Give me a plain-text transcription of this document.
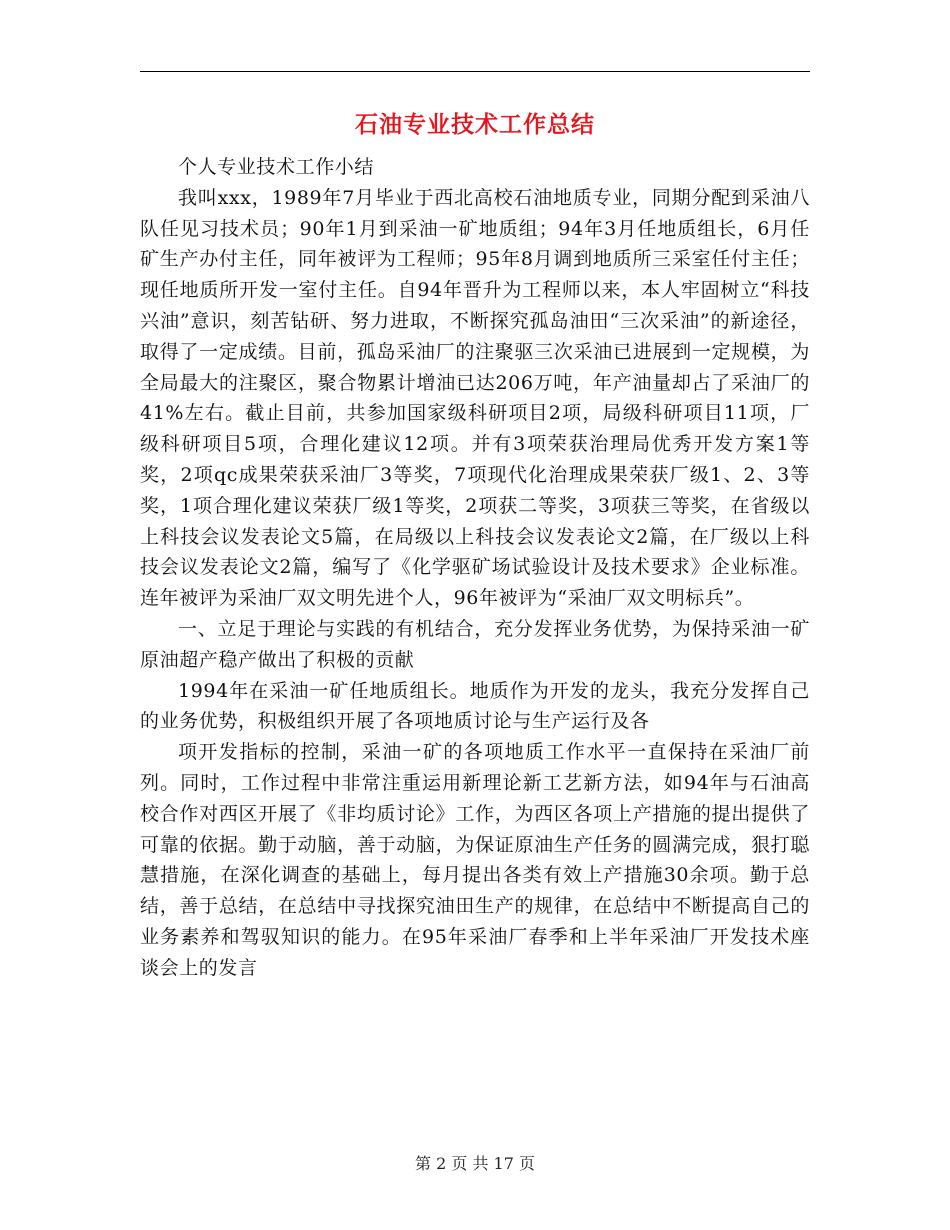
石油专业技术工作总结

个人专业技术工作小结

我叫xxx，1989年7月毕业于西北高校石油地质专业，同期分配到采油八队任见习技术员；90年1月到采油一矿地质组；94年3月任地质组长，6月任矿生产办付主任，同年被评为工程师；95年8月调到地质所三采室任付主任；现任地质所开发一室付主任。自94年晋升为工程师以来，本人牢固树立“科技兴油”意识，刻苦钻研、努力进取，不断探究孤岛油田“三次采油”的新途径，取得了一定成绩。目前，孤岛采油厂的注聚驱三次采油已进展到一定规模，为全局最大的注聚区，聚合物累计增油已达206万吨，年产油量却占了采油厂的41%左右。截止目前，共参加国家级科研项目2项，局级科研项目11项，厂级科研项目5项，合理化建议12项。并有3项荣获治理局优秀开发方案1等奖，2项qc成果荣获采油厂3等奖，7项现代化治理成果荣获厂级1、2、3等奖，1项合理化建议荣获厂级1等奖，2项获二等奖，3项获三等奖，在省级以上科技会议发表论文5篇，在局级以上科技会议发表论文2篇，在厂级以上科技会议发表论文2篇，编写了《化学驱矿场试验设计及技术要求》企业标准。连年被评为采油厂双文明先进个人，96年被评为“采油厂双文明标兵”。

一、立足于理论与实践的有机结合，充分发挥业务优势，为保持采油一矿原油超产稳产做出了积极的贡献

1994年在采油一矿任地质组长。地质作为开发的龙头，我充分发挥自己的业务优势，积极组织开展了各项地质讨论与生产运行及各

项开发指标的控制，采油一矿的各项地质工作水平一直保持在采油厂前列。同时，工作过程中非常注重运用新理论新工艺新方法，如94年与石油高校合作对西区开展了《非均质讨论》工作，为西区各项上产措施的提出提供了可靠的依据。勤于动脑，善于动脑，为保证原油生产任务的圆满完成，狠打聪慧措施，在深化调查的基础上，每月提出各类有效上产措施30余项。勤于总结，善于总结，在总结中寻找探究油田生产的规律，在总结中不断提高自己的业务素养和驾驭知识的能力。在95年采油厂春季和上半年采油厂开发技术座谈会上的发言

第 2 页 共 17 页
